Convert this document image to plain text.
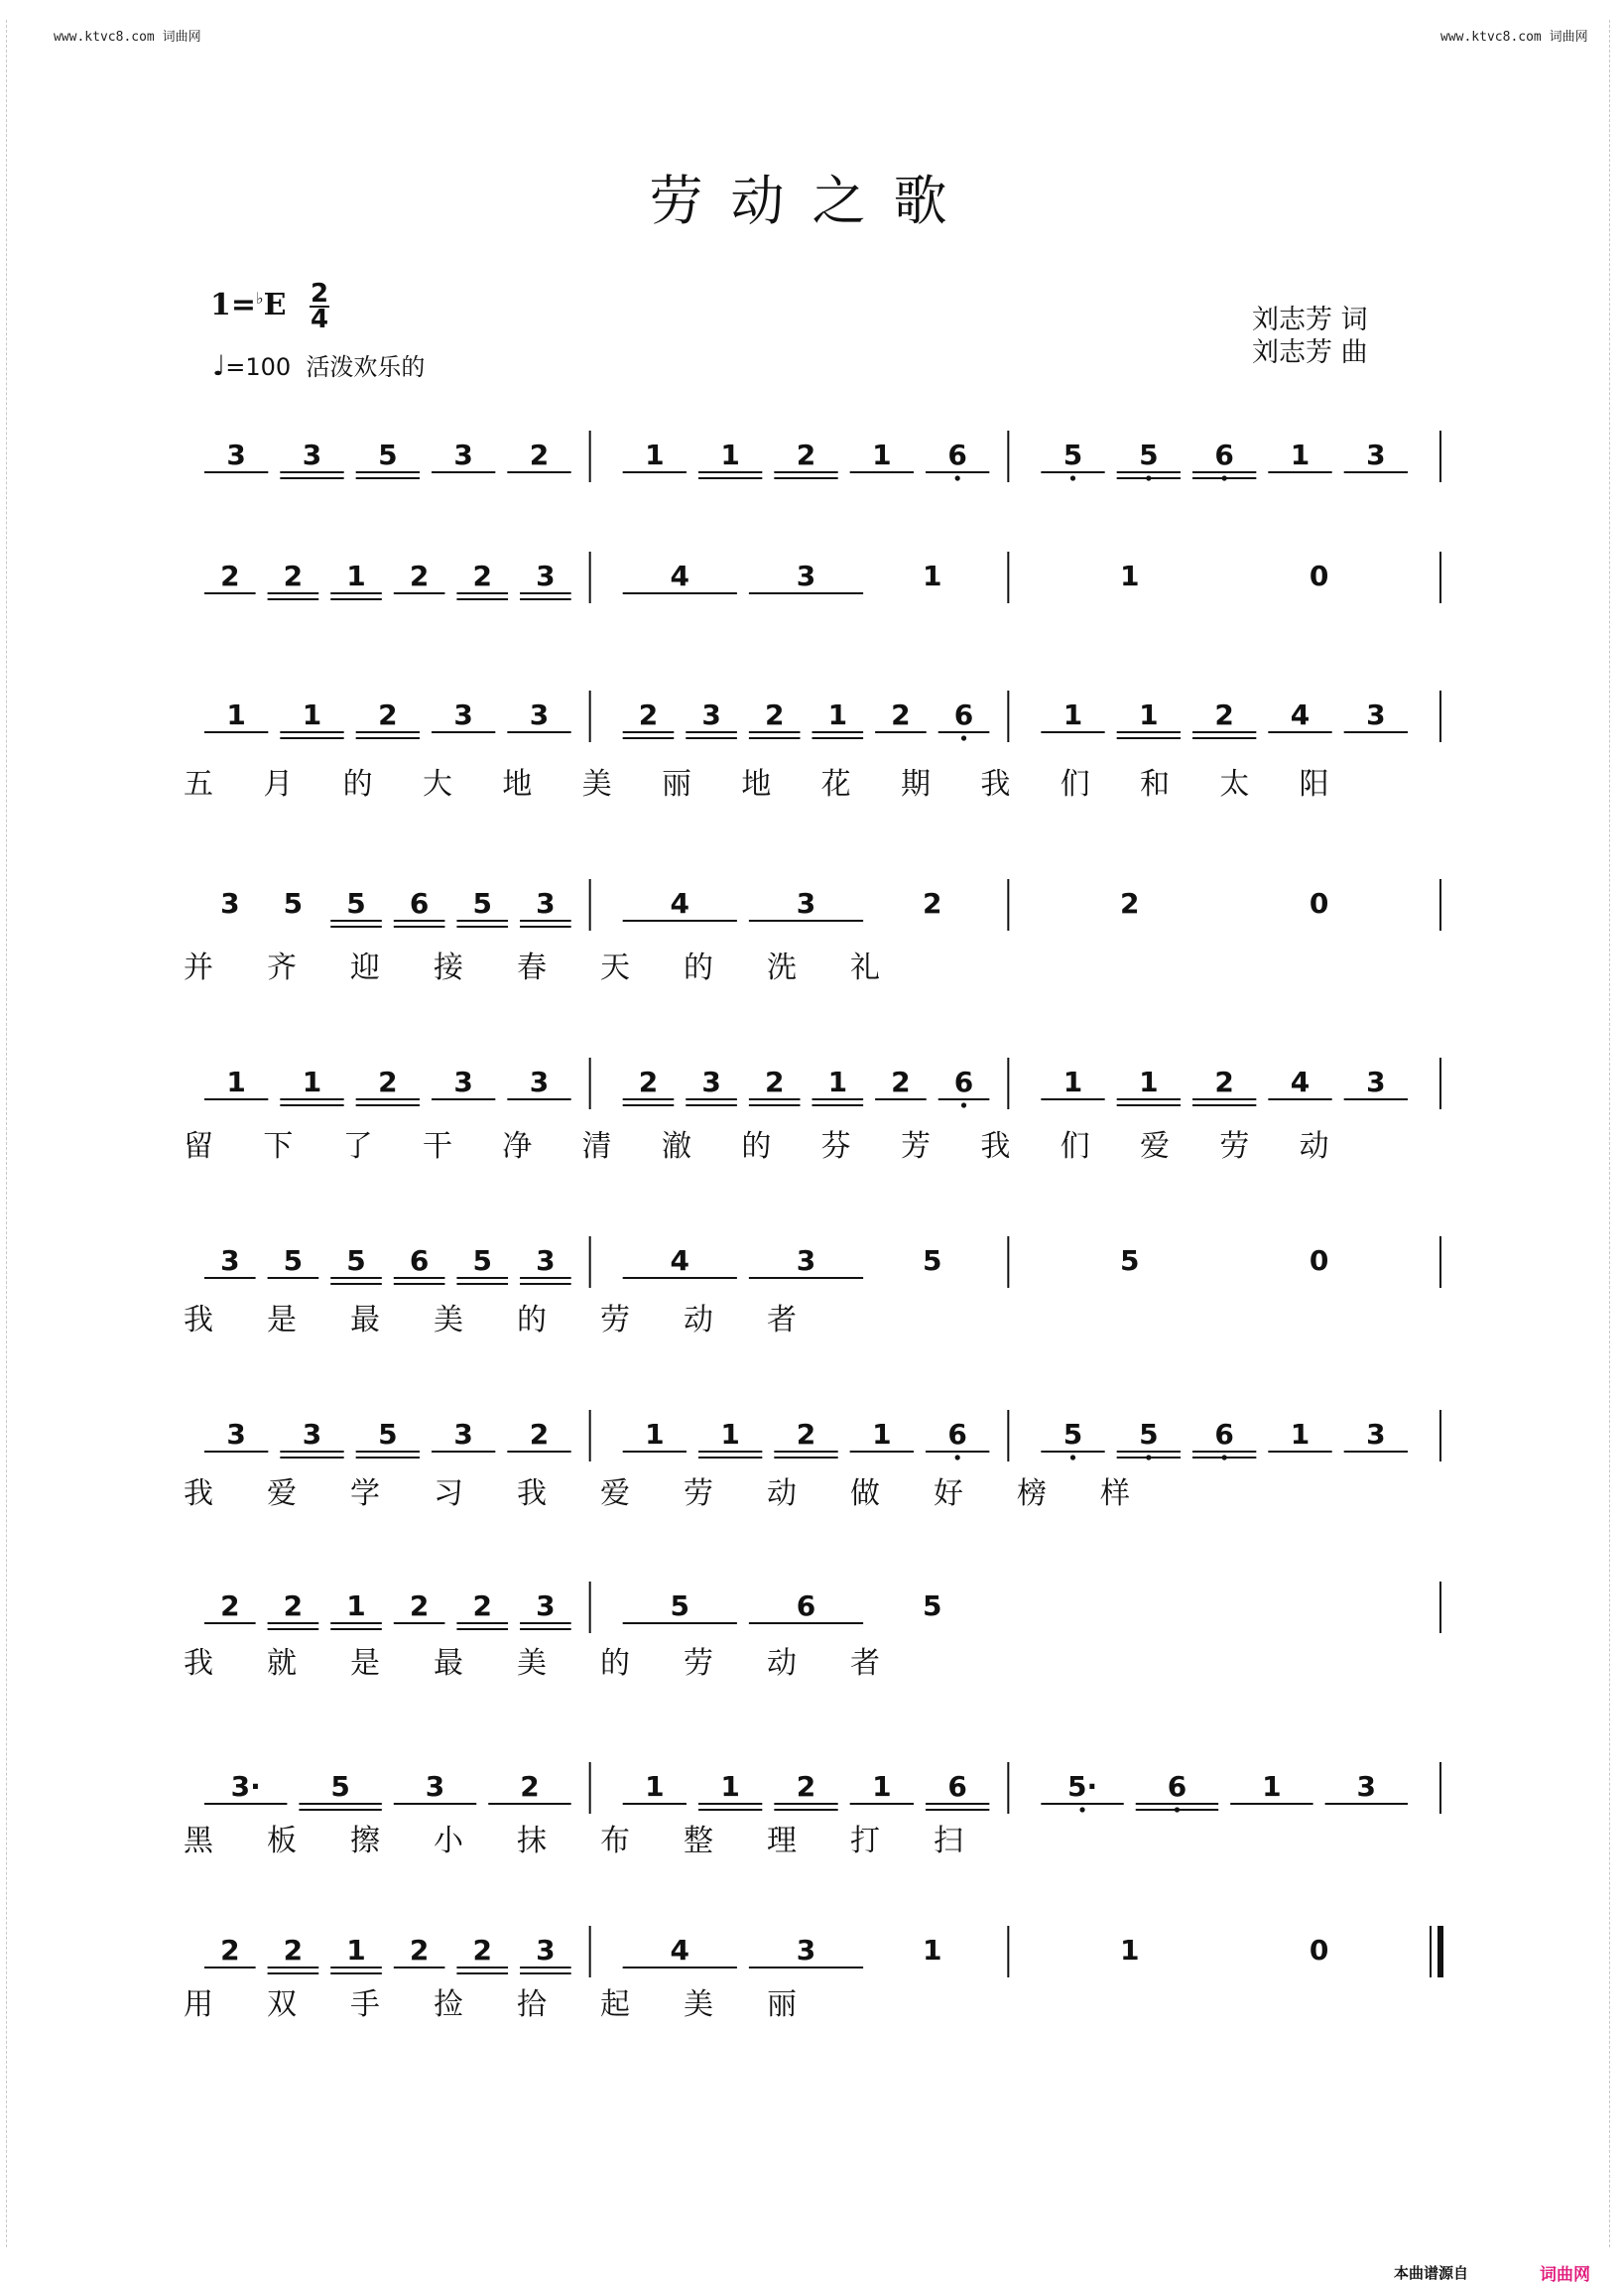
www.ktvc8.com 词曲网	www.ktvc8.com 词曲网
劳动之歌
1=♭E 2
4
♩=100 活泼欢乐的
刘志芳 词
刘志芳 曲
3 3 5 3 2	1 1 2 1 6	5 5 6 1 3
2 2 1 2 2 3	4	3	1	1	0
1 1 2 3 3	2 3 2 1 2 6	1 1 2 4 3
五 月 的 大 地 美 丽 地 花 期 我 们 和 太 阳
3 5 5 6 5 3	4	3	2	2	0
并 齐 迎 接 春 天 的 洗 礼
1 1 2 3 3	2 3 2 1 2 6	1 1 2 4 3
留 下 了 干 净 清 澈 的 芬 芳 我 们 爱 劳 动
3 5 5 6 5 3	4	3	5	5	0
我 是 最 美 的 劳 动 者
3 3 5 3 2	1 1 2 1 6	5 5 6 1 3
我 爱 学 习 我 爱 劳 动 做 好 榜 样
2 2 1 2 2 3	5	6	5
我 就 是 最 美 的 劳 动 者
3·	5	3	2	1 1 2 1 6	5·	6	1	3
黑 板 擦 小 抹 布 整 理 打 扫
2 2 1 2 2 3	4	3	1	1	0
用 双 手 捡 拾 起 美 丽
本曲谱源自	词曲网
